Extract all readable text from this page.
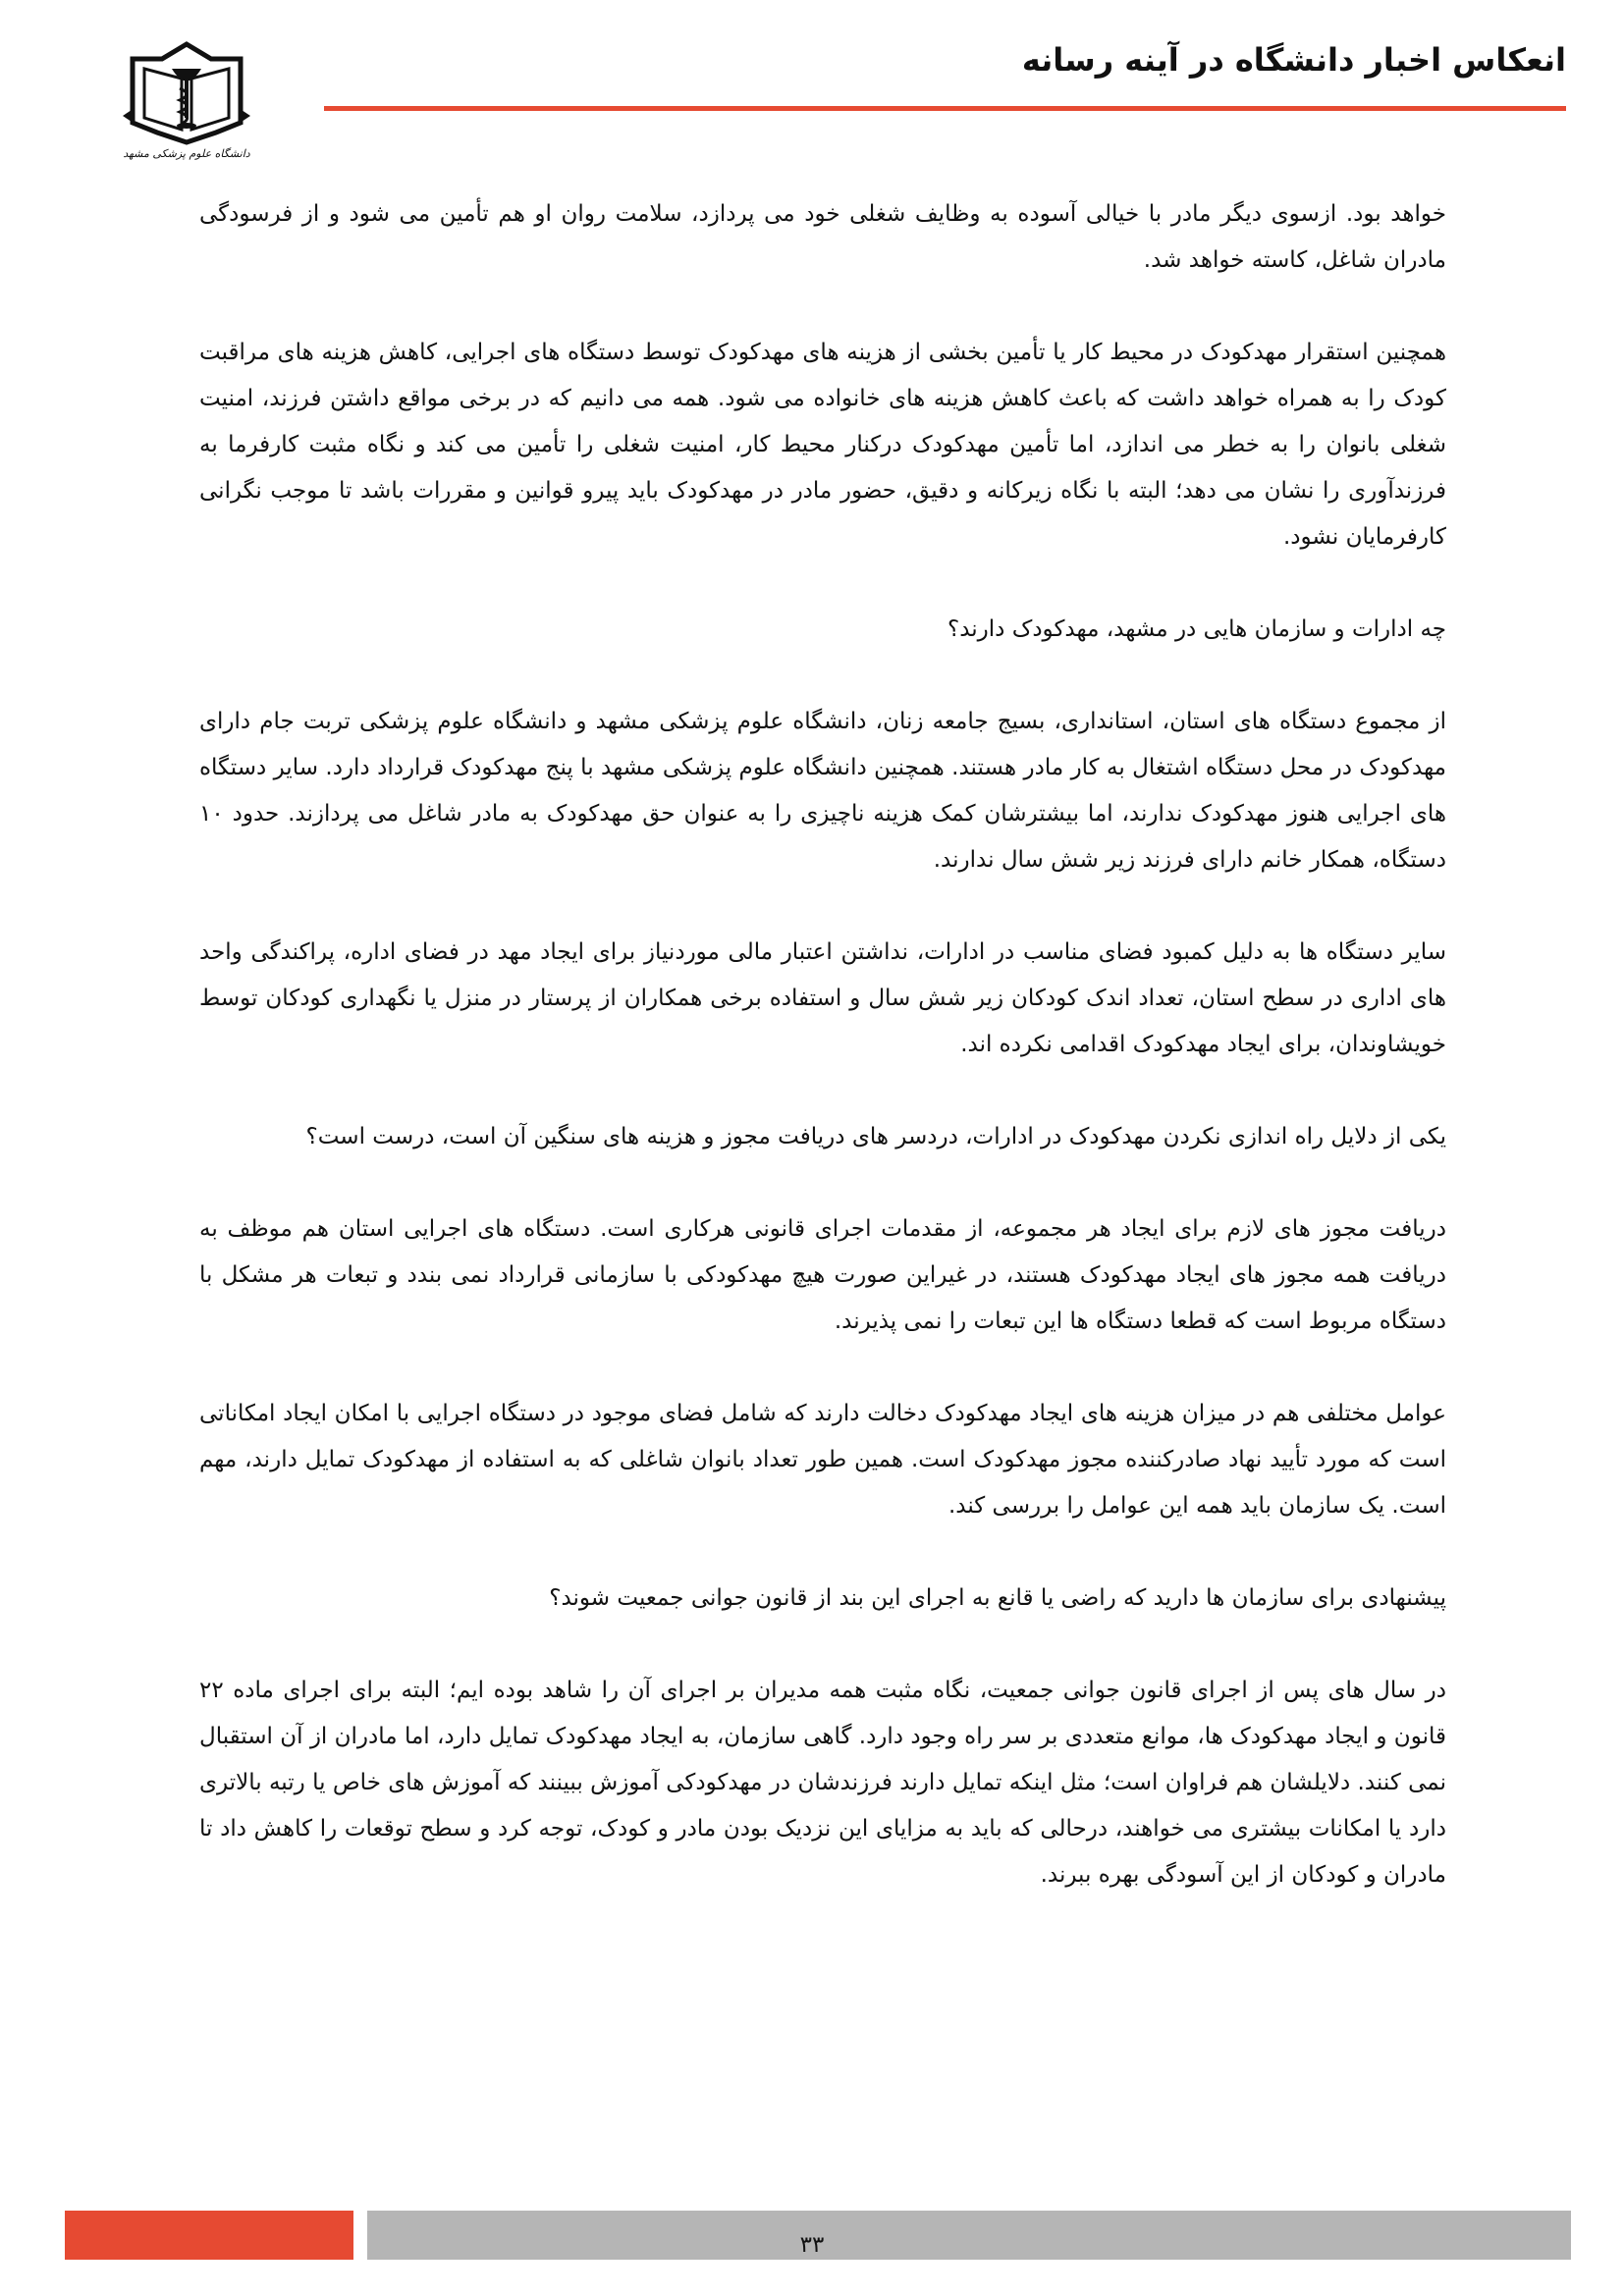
دانشگاه علوم پزشکی مشهد
انعکاس اخبار دانشگاه در آینه رسانه

خواهد بود. ازسوی دیگر مادر با خیالی آسوده به وظایف شغلی خود می پردازد، سلامت روان او هم تأمین می شود و از فرسودگی مادران شاغل، کاسته خواهد شد.

همچنین استقرار مهدکودک در محیط کار یا تأمین بخشی از هزینه های مهدکودک توسط دستگاه های اجرایی، کاهش هزینه های مراقبت کودک را به همراه خواهد داشت که باعث کاهش هزینه های خانواده می شود. همه می دانیم که در برخی مواقع داشتن فرزند، امنیت شغلی بانوان را به خطر می اندازد، اما تأمین مهدکودک درکنار محیط کار، امنیت شغلی را تأمین می کند و نگاه مثبت کارفرما به فرزندآوری را نشان می دهد؛ البته با نگاه زیرکانه و دقیق، حضور مادر در مهدکودک باید پیرو قوانین و مقررات باشد تا موجب نگرانی کارفرمایان نشود.

چه ادارات و سازمان هایی در مشهد، مهدکودک دارند؟

از مجموع دستگاه های استان، استانداری، بسیج جامعه زنان، دانشگاه علوم پزشکی مشهد و دانشگاه علوم پزشکی تربت جام دارای مهدکودک در محل دستگاه اشتغال به کار مادر هستند. همچنین دانشگاه علوم پزشکی مشهد با پنج مهدکودک قرارداد دارد. سایر دستگاه های اجرایی هنوز مهدکودک ندارند، اما بیشترشان کمک هزینه ناچیزی را به عنوان حق مهدکودک به مادر شاغل می پردازند. حدود ۱۰ دستگاه، همکار خانم دارای فرزند زیر شش سال ندارند.

سایر دستگاه ها به دلیل کمبود فضای مناسب در ادارات، نداشتن اعتبار مالی موردنیاز برای ایجاد مهد در فضای اداره، پراکندگی واحد های اداری در سطح استان، تعداد اندک کودکان زیر شش سال و استفاده برخی همکاران از پرستار در منزل یا نگهداری کودکان توسط خویشاوندان، برای ایجاد مهدکودک اقدامی نکرده اند.

یکی از دلایل راه اندازی نکردن مهدکودک در ادارات، دردسر های دریافت مجوز و هزینه های سنگین آن است، درست است؟

دریافت مجوز های لازم برای ایجاد هر مجموعه، از مقدمات اجرای قانونی هرکاری است. دستگاه های اجرایی استان هم موظف به دریافت همه مجوز های ایجاد مهدکودک هستند، در غیراین صورت هیچ مهدکودکی با سازمانی قرارداد نمی بندد و تبعات هر مشکل با دستگاه مربوط است که قطعا دستگاه ها این تبعات را نمی پذیرند.

عوامل مختلفی هم در میزان هزینه های ایجاد مهدکودک دخالت دارند که شامل فضای موجود در دستگاه اجرایی با امکان ایجاد امکاناتی است که مورد تأیید نهاد صادرکننده مجوز مهدکودک است. همین طور تعداد بانوان شاغلی که به استفاده از مهدکودک تمایل دارند، مهم است. یک سازمان باید همه این عوامل را بررسی کند.

پیشنهادی برای سازمان ها دارید که راضی یا قانع به اجرای این بند از قانون جوانی جمعیت شوند؟

در سال های پس از اجرای قانون جوانی جمعیت، نگاه مثبت همه مدیران بر اجرای آن را شاهد بوده ایم؛ البته برای اجرای ماده ۲۲ قانون و ایجاد مهدکودک ها، موانع متعددی بر سر راه وجود دارد. گاهی سازمان، به ایجاد مهدکودک تمایل دارد، اما مادران از آن استقبال نمی کنند. دلایلشان هم فراوان است؛ مثل اینکه تمایل دارند فرزندشان در مهدکودکی آموزش ببینند که آموزش های خاص یا رتبه بالاتری دارد یا امکانات بیشتری می خواهند، درحالی که باید به مزایای این نزدیک بودن مادر و کودک، توجه کرد و سطح توقعات را کاهش داد تا مادران و کودکان از این آسودگی بهره ببرند.

۳۳
